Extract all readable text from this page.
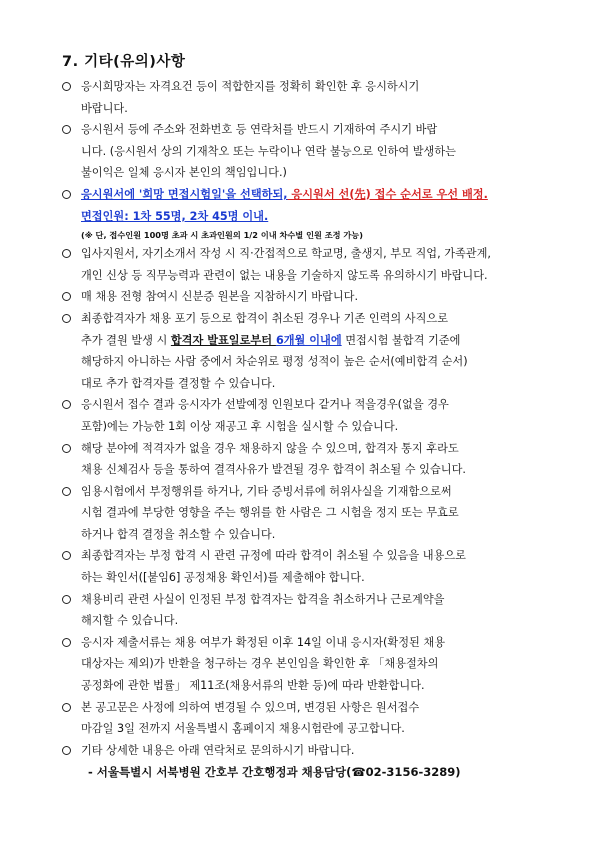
7. 기타(유의)사항
응시희망자는 자격요건 등이 적합한지를 정확히 확인한 후 응시하시기
바랍니다.
응시원서 등에 주소와 전화번호 등 연락처를 반드시 기재하여 주시기 바랍
니다. (응시원서 상의 기재착오 또는 누락이나 연락 불능으로 인하여 발생하는
불이익은 일체 응시자 본인의 책임입니다.)
응시원서에 '희망 면접시험일'을 선택하되, 응시원서 선(先) 접수 순서로 우선 배정.
면접인원: 1차 55명, 2차 45명 이내.
(※ 단, 접수인원 100명 초과 시 초과인원의 1/2 이내 차수별 인원 조정 가능)
입사지원서, 자기소개서 작성 시 직·간접적으로 학교명, 출생지, 부모 직업, 가족관계,
개인 신상 등 직무능력과 관련이 없는 내용을 기술하지 않도록 유의하시기 바랍니다.
매 채용 전형 참여시 신분증 원본을 지참하시기 바랍니다.
최종합격자가 채용 포기 등으로 합격이 취소된 경우나 기존 인력의 사직으로
추가 결원 발생 시 합격자 발표일로부터 6개월 이내에 면접시험 불합격 기준에
해당하지 아니하는 사람 중에서 차순위로 평정 성적이 높은 순서(예비합격 순서)
대로 추가 합격자를 결정할 수 있습니다.
응시원서 접수 결과 응시자가 선발예정 인원보다 같거나 적을경우(없을 경우
포함)에는 가능한 1회 이상 재공고 후 시험을 실시할 수 있습니다.
해당 분야에 적격자가 없을 경우 채용하지 않을 수 있으며, 합격자 통지 후라도
채용 신체검사 등을 통하여 결격사유가 발견될 경우 합격이 취소될 수 있습니다.
임용시험에서 부정행위를 하거나, 기타 증빙서류에 허위사실을 기재함으로써
시험 결과에 부당한 영향을 주는 행위를 한 사람은 그 시험을 정지 또는 무효로
하거나 합격 결정을 취소할 수 있습니다.
최종합격자는 부정 합격 시 관련 규정에 따라 합격이 취소될 수 있음을 내용으로
하는 확인서([붙임6] 공정채용 확인서)를 제출해야 합니다.
채용비리 관련 사실이 인정된 부정 합격자는 합격을 취소하거나 근로계약을
해지할 수 있습니다.
응시자 제출서류는 채용 여부가 확정된 이후 14일 이내 응시자(확정된 채용
대상자는 제외)가 반환을 청구하는 경우 본인임을 확인한 후 「채용절차의
공정화에 관한 법률」 제11조(채용서류의 반환 등)에 따라 반환합니다.
본 공고문은 사정에 의하여 변경될 수 있으며, 변경된 사항은 원서접수
마감일 3일 전까지 서울특별시 홈페이지 채용시험란에 공고합니다.
기타 상세한 내용은 아래 연락처로 문의하시기 바랍니다.
- 서울특별시 서북병원 간호부 간호행정과 채용담당(☎02-3156-3289)
